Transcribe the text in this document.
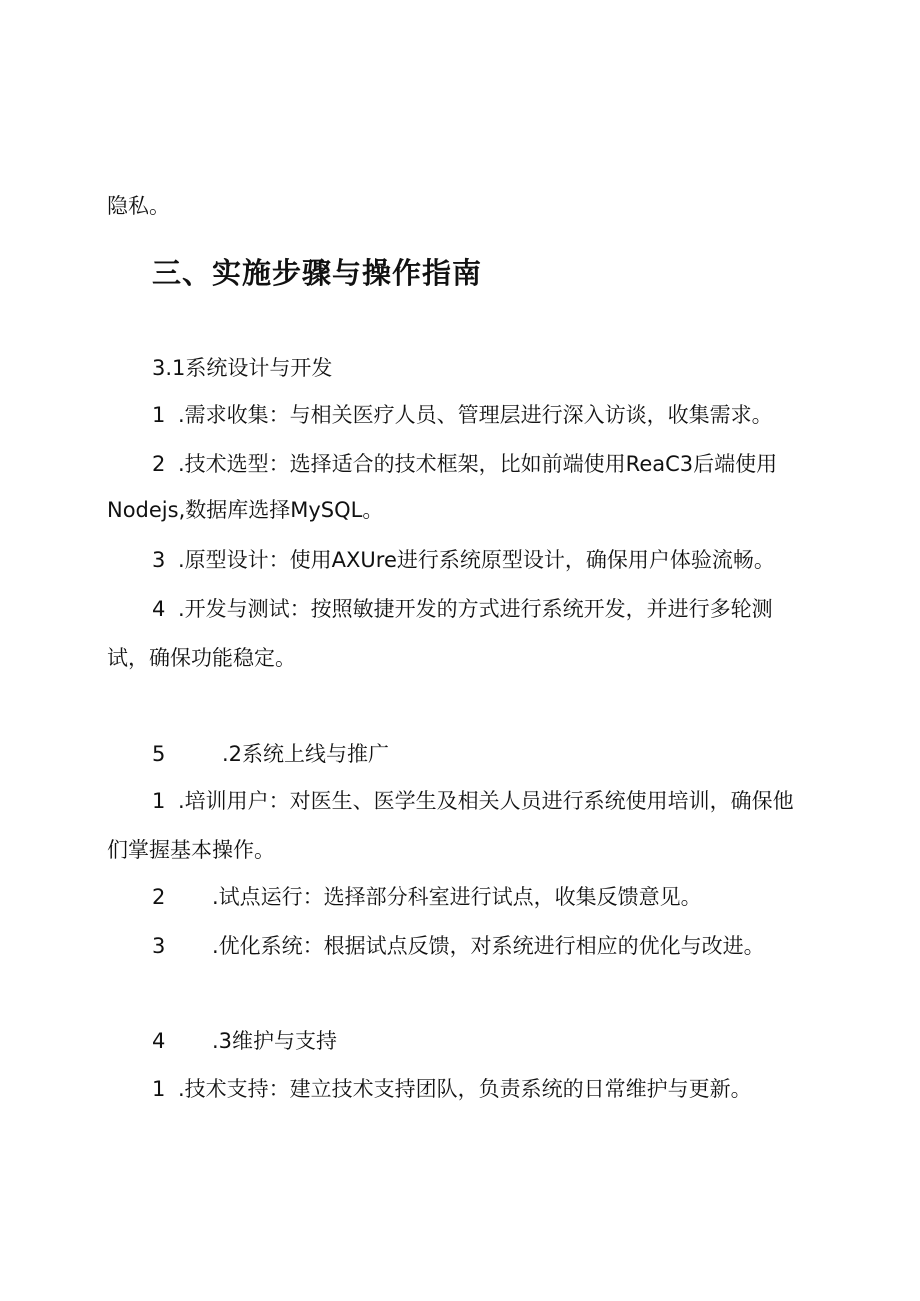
隐私。
三、实施步骤与操作指南
3.1系统设计与开发
1 .需求收集：与相关医疗人员、管理层进行深入访谈，收集需求。
2 .技术选型：选择适合的技术框架，比如前端使用ReaC3后端使用
Nodejs,数据库选择MySQL。
3 .原型设计：使用AXUre进行系统原型设计，确保用户体验流畅。
4 .开发与测试：按照敏捷开发的方式进行系统开发，并进行多轮测
试，确保功能稳定。
5	.2系统上线与推广
1 .培训用户：对医生、医学生及相关人员进行系统使用培训，确保他
们掌握基本操作。
2 .试点运行：选择部分科室进行试点，收集反馈意见。
3 .优化系统：根据试点反馈，对系统进行相应的优化与改进。
4 .3维护与支持
1 .技术支持：建立技术支持团队，负责系统的日常维护与更新。
